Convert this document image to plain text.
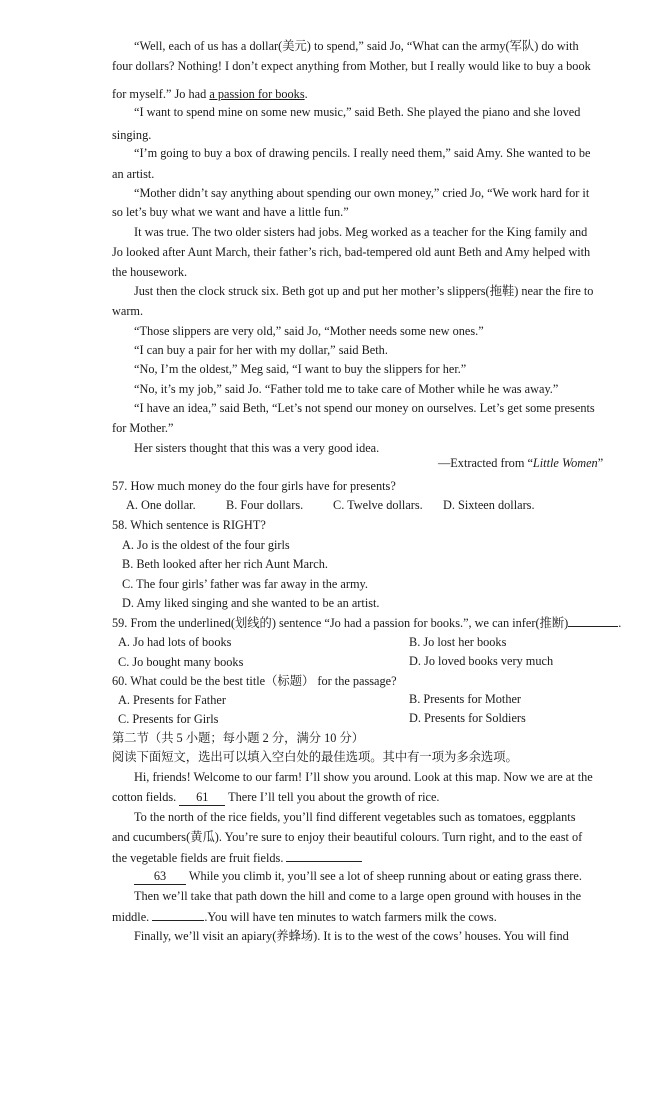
“Well, each of us has a dollar(美元) to spend,” said Jo, “What can the army(军队) do with
four dollars? Nothing! I don’t expect anything from Mother, but I really would like to buy a book
for myself.” Jo had a passion for books.
“I want to spend mine on some new music,” said Beth. She played the piano and she loved
singing.
“I’m going to buy a box of drawing pencils. I really need them,” said Amy. She wanted to be
an artist.
“Mother didn’t say anything about spending our own money,” cried Jo, “We work hard for it
so let’s buy what we want and have a little fun.”
It was true. The two older sisters had jobs. Meg worked as a teacher for the King family and
Jo looked after Aunt March, their father’s rich, bad-tempered old aunt Beth and Amy helped with
the housework.
Just then the clock struck six. Beth got up and put her mother’s slippers(拖鞋) near the fire to
warm.
“Those slippers are very old,” said Jo, “Mother needs some new ones.”
“I can buy a pair for her with my dollar,” said Beth.
“No, I’m the oldest,” Meg said, “I want to buy the slippers for her.”
“No, it’s my job,” said Jo. “Father told me to take care of Mother while he was away.”
“I have an idea,” said Beth, “Let’s not spend our money on ourselves. Let’s get some presents
for Mother.”
Her sisters thought that this was a very good idea.
—Extracted from “Little Women”
57. How much money do the four girls have for presents?
A. One dollar. B. Four dollars. C. Twelve dollars. D. Sixteen dollars.
58. Which sentence is RIGHT?
A. Jo is the oldest of the four girls
B. Beth looked after her rich Aunt March.
C. The four girls’ father was far away in the army.
D. Amy liked singing and she wanted to be an artist.
59. From the underlined(划线的) sentence “Jo had a passion for books.”, we can infer(推断)	.
A. Jo had lots of books	B. Jo lost her books
C. Jo bought many books	D. Jo loved books very much
60. What could be the best title（标题） for the passage?
A. Presents for Father	B. Presents for Mother
C. Presents for Girls	D. Presents for Soldiers
第二节（共 5 小题；每小题 2 分，满分 10 分）
阅读下面短文，选出可以填入空白处的最佳选项。其中有一项为多余选项。
Hi, friends! Welcome to our farm! I’ll show you around. Look at this map. Now we are at the
cotton fields. 61 There I’ll tell you about the growth of rice.
To the north of the rice fields, you’ll find different vegetables such as tomatoes, eggplants
and cucumbers(黄瓜). You’re sure to enjoy their beautiful colours. Turn right, and to the east of
the vegetable fields are fruit fields.
63 While you climb it, you’ll see a lot of sheep running about or eating grass there.
Then we’ll take that path down the hill and come to a large open ground with houses in the
middle.	.You will have ten minutes to watch farmers milk the cows.
Finally, we’ll visit an apiary(养蜂场). It is to the west of the cows’ houses. You will find
